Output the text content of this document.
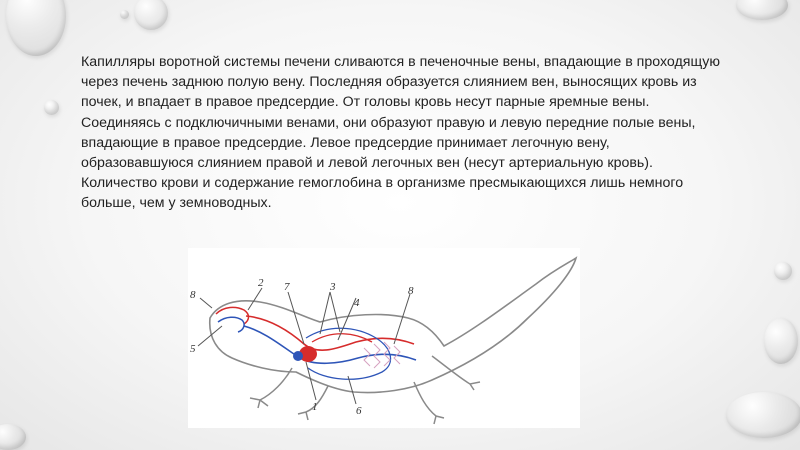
Капилляры воротной системы печени сливаются в печеночные вены, впадающие в проходящую через печень заднюю полую вену. Последняя образуется слиянием вен, выносящих кровь из почек, и впадает в правое предсердие. От головы кровь несут парные яремные вены. Соединяясь с подключичными венами, они образуют правую и левую передние полые вены, впадающие в правое предсердие. Левое предсердие принимает легочную вену, образовавшуюся слиянием правой и левой легочных вен (несут артериальную кровь).

Количество крови и содержание гемоглобина в организме пресмыкающихся лишь немного больше, чем у земноводных.

8
2 7	3
4
8
5
1	6
